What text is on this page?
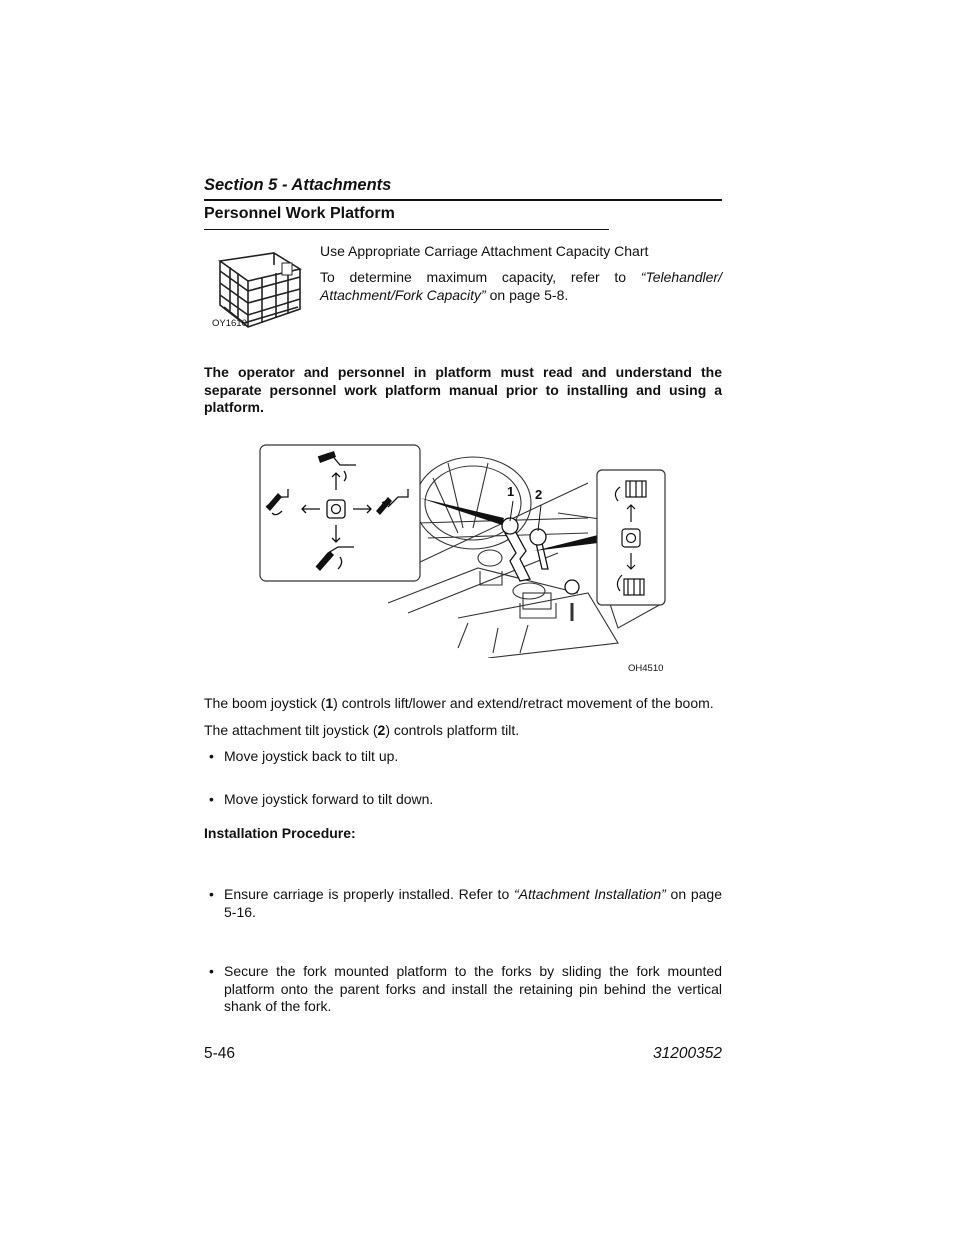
Section 5 - Attachments
Personnel Work Platform
OY1610
Use Appropriate Carriage Attachment Capacity Chart
To determine maximum capacity, refer to “Telehandler/ Attachment/Fork Capacity” on page 5-8.
The operator and personnel in platform must read and understand the separate personnel work platform manual prior to installing and using a platform.
1 2
OH4510
The boom joystick (1) controls lift/lower and extend/retract movement of the boom.
The attachment tilt joystick (2) controls platform tilt.
• Move joystick back to tilt up.
• Move joystick forward to tilt down.
Installation Procedure:
• Ensure carriage is properly installed. Refer to “Attachment Installation” on page 5-16.
• Secure the fork mounted platform to the forks by sliding the fork mounted platform onto the parent forks and install the retaining pin behind the vertical shank of the fork.
5-46	31200352
